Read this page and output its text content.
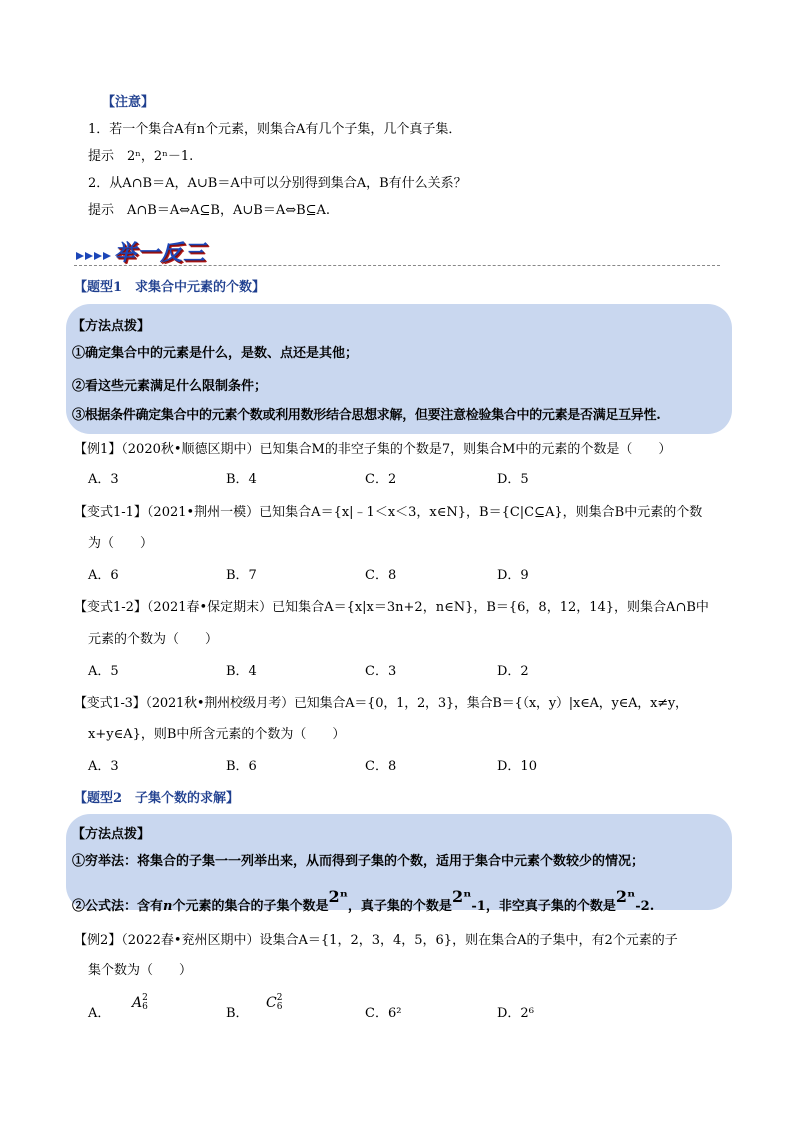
【注意】
1．若一个集合A有n个元素，则集合A有几个子集，几个真子集．
提示　 2ⁿ，2ⁿ－1.
2．从A∩B＝A，A∪B＝A中可以分别得到集合A，B有什么关系？
提示　 A∩B＝A⇔A⊆B，A∪B＝A⇔B⊆A.
举一反三
【题型1　求集合中元素的个数】
【方法点拨】
①确定集合中的元素是什么，是数、点还是其他；
②看这些元素满足什么限制条件；
③根据条件确定集合中的元素个数或利用数形结合思想求解，但要注意检验集合中的元素是否满足互异性.
【例1】（2020秋•顺德区期中）已知集合M的非空子集的个数是7，则集合M中的元素的个数是（　　）
A．3	B．4	C．2	D．5
【变式1-1】（2021•荆州一模）已知集合A＝{x|﹣1＜x＜3，x∈N}，B＝{C|C⊆A}，则集合B中元素的个数
为（　　）
A．6	B．7	C．8	D．9
【变式1-2】（2021春•保定期末）已知集合A＝{x|x＝3n+2，n∈N}，B＝{6，8，12，14}，则集合A∩B中
元素的个数为（　　）
A．5	B．4	C．3	D．2
【变式1-3】（2021秋•荆州校级月考）已知集合A＝{0，1，2，3}，集合B＝{（x，y）|x∈A，y∈A，x≠y，
x+y∈A}，则B中所含元素的个数为（　　）
A．3	B．6	C．8	D．10
【题型2　子集个数的求解】
【方法点拨】
①穷举法：将集合的子集一一列举出来，从而得到子集的个数，适用于集合中元素个数较少的情况；
②公式法：含有n个元素的集合的子集个数是2ⁿ，真子集的个数是2ⁿ-1，非空真子集的个数是2ⁿ-2.
【例2】（2022春•兖州区期中）设集合A＝{1，2，3，4，5，6}，则在集合A的子集中，有2个元素的子
集个数为（　　）
A．
A 2
6	B．
C 2
6	C．6²	D．2⁶
